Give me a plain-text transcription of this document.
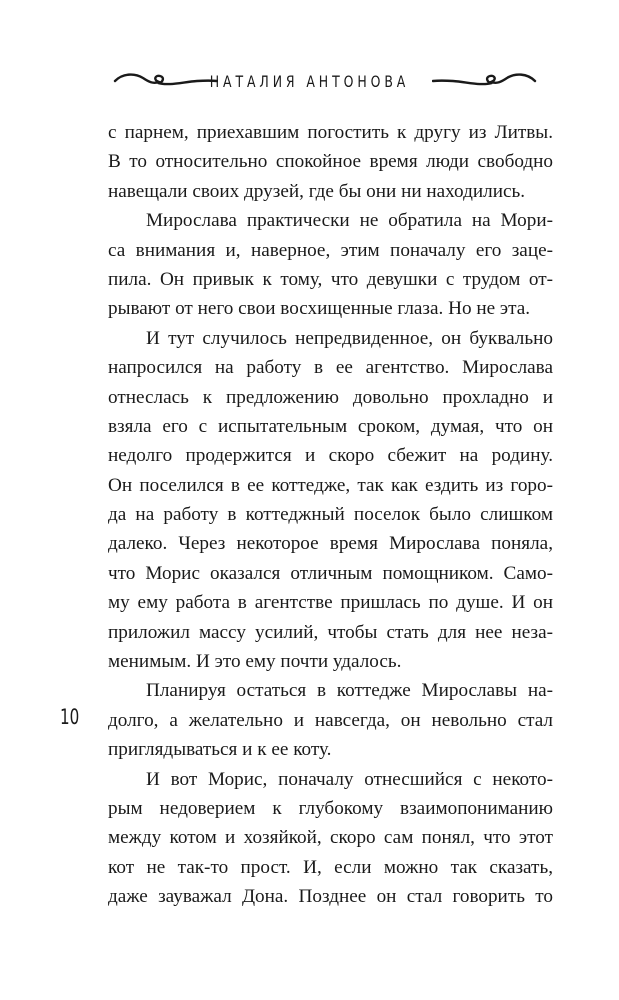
НАТАЛИЯ АНТОНОВА
с парнем, приехавшим погостить к другу из Литвы.
В то относительно спокойное время люди свободно
навещали своих друзей, где бы они ни находились.
Мирослава практически не обратила на Мори-
са внимания и, наверное, этим поначалу его заце-
пила. Он привык к тому, что девушки с трудом от-
рывают от него свои восхищенные глаза. Но не эта.
И тут случилось непредвиденное, он буквально
напросился на работу в ее агентство. Мирослава
отнеслась к предложению довольно прохладно и
взяла его с испытательным сроком, думая, что он
недолго продержится и скоро сбежит на родину.
Он поселился в ее коттедже, так как ездить из горо-
да на работу в коттеджный поселок было слишком
далеко. Через некоторое время Мирослава поняла,
что Морис оказался отличным помощником. Само-
му ему работа в агентстве пришлась по душе. И он
приложил массу усилий, чтобы стать для нее неза-
менимым. И это ему почти удалось.
Планируя остаться в коттедже Мирославы на-
долго, а желательно и навсегда, он невольно стал
приглядываться и к ее коту.
И вот Морис, поначалу отнесшийся с некото-
рым недоверием к глубокому взаимопониманию
между котом и хозяйкой, скоро сам понял, что этот
кот не так-то прост. И, если можно так сказать,
даже зауважал Дона. Позднее он стал говорить то
10
